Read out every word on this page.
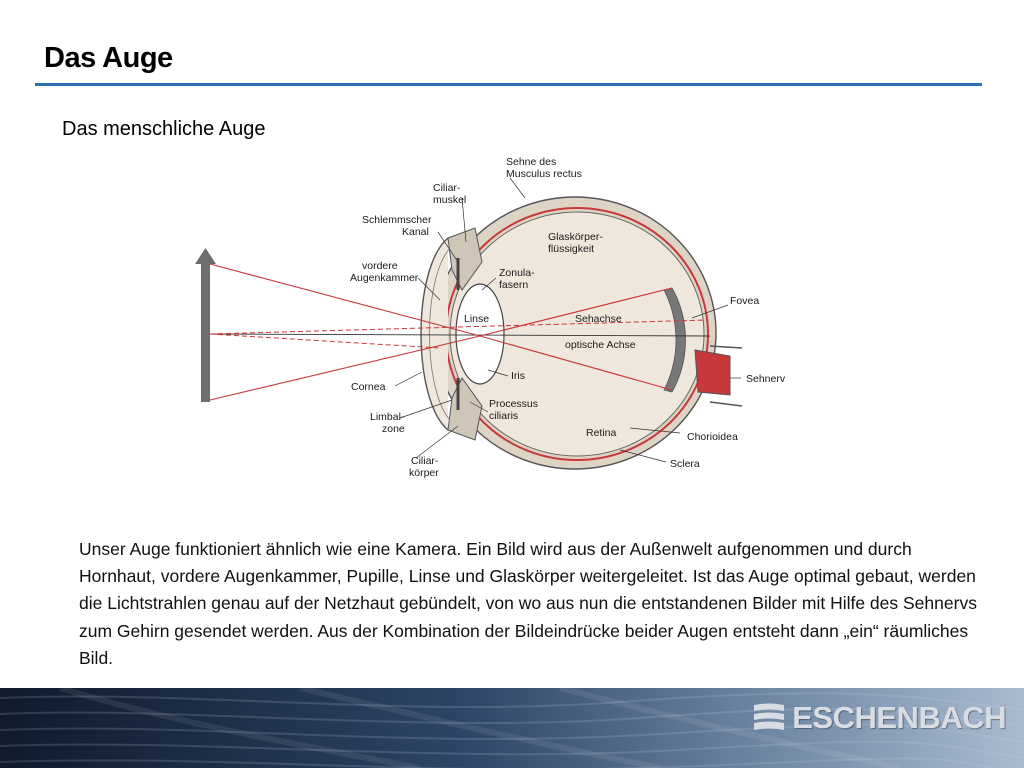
Das Auge
Das menschliche Auge
Sehne des
Musculus rectus
Ciliar-
muskel
Schlemmscher
Kanal	Glaskörper-
flüssigkeit
vordere
Augenkammer	Zonula-
fasern
Fovea
Linse	Sehachse
optische Achse
Cornea
Iris	Sehnerv
Limbal-
zone
Processus
ciliaris
Retina	Chorioidea
Ciliar-
körper
Sclera
Unser Auge funktioniert ähnlich wie eine Kamera. Ein Bild wird aus der Außenwelt aufgenommen und durch Hornhaut, vordere Augenkammer, Pupille, Linse und Glaskörper weitergeleitet. Ist das Auge optimal gebaut, werden die Lichtstrahlen genau auf der Netzhaut gebündelt, von wo aus nun die entstandenen Bilder mit Hilfe des Sehnervs zum Gehirn gesendet werden. Aus der Kombination der Bildeindrücke beider Augen entsteht dann „ein“ räumliches Bild.
ESCHENBACH
